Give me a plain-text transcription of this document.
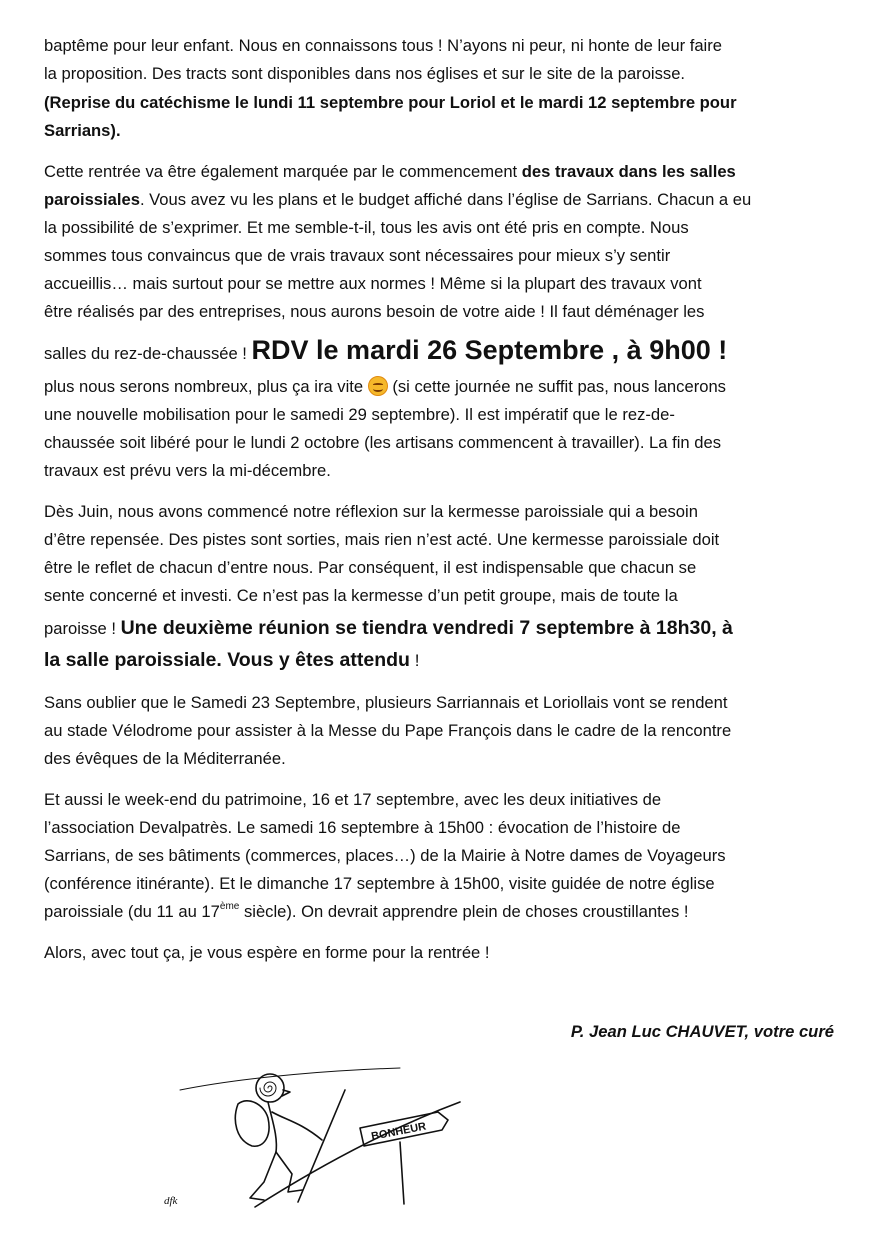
baptême pour leur enfant. Nous en connaissons tous ! N’ayons ni peur, ni honte de leur faire
la proposition. Des tracts sont disponibles dans nos églises et sur le site de la paroisse.
(Reprise du catéchisme le lundi 11 septembre pour Loriol et le mardi 12 septembre pour
Sarrians).
Cette rentrée va être également marquée par le commencement des travaux dans les salles
paroissiales. Vous avez vu les plans et le budget affiché dans l’église de Sarrians. Chacun a eu
la possibilité de s’exprimer. Et me semble-t-il, tous les avis ont été pris en compte. Nous
sommes tous convaincus que de vrais travaux sont nécessaires pour mieux s’y sentir
accueillis… mais surtout pour se mettre aux normes ! Même si la plupart des travaux vont
être réalisés par des entreprises, nous aurons besoin de votre aide ! Il faut déménager les
salles du rez-de-chaussée ! RDV le mardi 26 Septembre , à 9h00 !
plus nous serons nombreux, plus ça ira vite  (si cette journée ne suffit pas, nous lancerons
une nouvelle mobilisation pour le samedi 29 septembre). Il est impératif que le rez-de-
chaussée soit libéré pour le lundi 2 octobre (les artisans commencent à travailler). La fin des
travaux est prévu vers la mi-décembre.
Dès Juin, nous avons commencé notre réflexion sur la kermesse paroissiale qui a besoin
d’être repensée. Des pistes sont sorties, mais rien n’est acté. Une kermesse paroissiale doit
être le reflet de chacun d’entre nous. Par conséquent, il est indispensable que chacun se
sente concerné et investi. Ce n’est pas la kermesse d’un petit groupe, mais de toute la
paroisse ! Une deuxième réunion se tiendra vendredi 7 septembre à 18h30, à
la salle paroissiale. Vous y êtes attendu !
Sans oublier que le Samedi 23 Septembre, plusieurs Sarriannais et Loriollais vont se rendent
au stade Vélodrome pour assister à la Messe du Pape François dans le cadre de la rencontre
des évêques de la Méditerranée.
Et aussi le week-end du patrimoine, 16 et 17 septembre, avec les deux initiatives de
l’association Devalpatrès. Le samedi 16 septembre à 15h00 : évocation de l’histoire de
Sarrians, de ses bâtiments (commerces, places…) de la Mairie à Notre dames de Voyageurs
(conférence itinérante). Et le dimanche 17 septembre à 15h00, visite guidée de notre église
paroissiale (du 11 au 17ème siècle). On devrait apprendre plein de choses croustillantes !
Alors, avec tout ça, je vous espère en forme pour la rentrée !
P. Jean Luc CHAUVET, votre curé
BONHEUR
dfk
